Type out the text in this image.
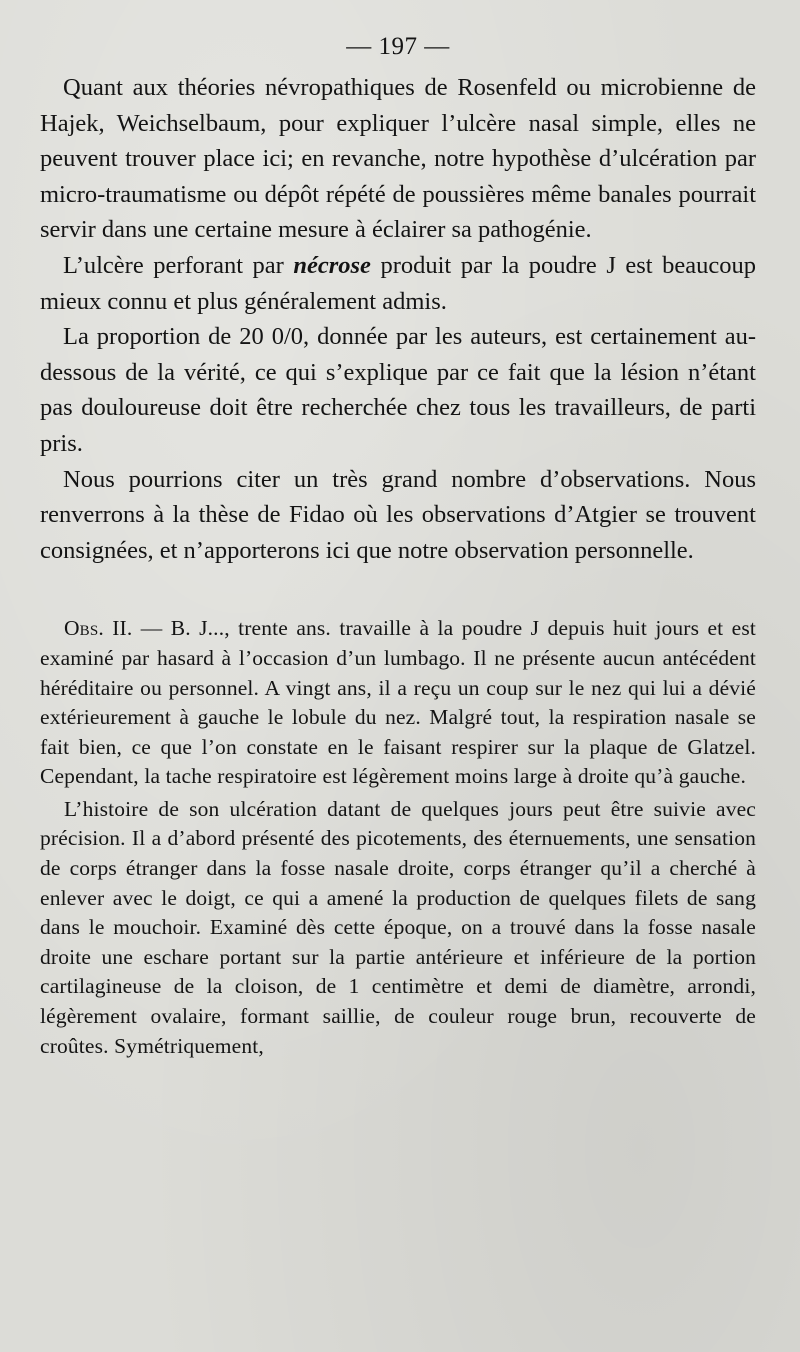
— 197 —

Quant aux théories névropathiques de Rosenfeld ou microbienne de Hajek, Weichselbaum, pour expliquer l’ulcère nasal simple, elles ne peuvent trouver place ici; en revanche, notre hypothèse d’ulcération par micro-traumatisme ou dépôt répété de poussières même banales pourrait servir dans une certaine mesure à éclairer sa pathogénie.

L’ulcère perforant par nécrose produit par la poudre J est beaucoup mieux connu et plus généralement admis.

La proportion de 20 0/0, donnée par les auteurs, est certainement au-dessous de la vérité, ce qui s’explique par ce fait que la lésion n’étant pas douloureuse doit être recherchée chez tous les travailleurs, de parti pris.

Nous pourrions citer un très grand nombre d’observations. Nous renverrons à la thèse de Fidao où les observations d’Atgier se trouvent consignées, et n’apporterons ici que notre observation personnelle.

Obs. II. — B. J..., trente ans. travaille à la poudre J depuis huit jours et est examiné par hasard à l’occasion d’un lumbago. Il ne présente aucun antécédent héréditaire ou personnel. A vingt ans, il a reçu un coup sur le nez qui lui a dévié extérieurement à gauche le lobule du nez. Malgré tout, la respiration nasale se fait bien, ce que l’on constate en le faisant respirer sur la plaque de Glatzel. Cependant, la tache respiratoire est légèrement moins large à droite qu’à gauche.

L’histoire de son ulcération datant de quelques jours peut être suivie avec précision. Il a d’abord présenté des picotements, des éternuements, une sensation de corps étranger dans la fosse nasale droite, corps étranger qu’il a cherché à enlever avec le doigt, ce qui a amené la production de quelques filets de sang dans le mouchoir. Examiné dès cette époque, on a trouvé dans la fosse nasale droite une eschare portant sur la partie antérieure et inférieure de la portion cartilagineuse de la cloison, de 1 centimètre et demi de diamètre, arrondi, légèrement ovalaire, formant saillie, de couleur rouge brun, recouverte de croûtes. Symétriquement,
